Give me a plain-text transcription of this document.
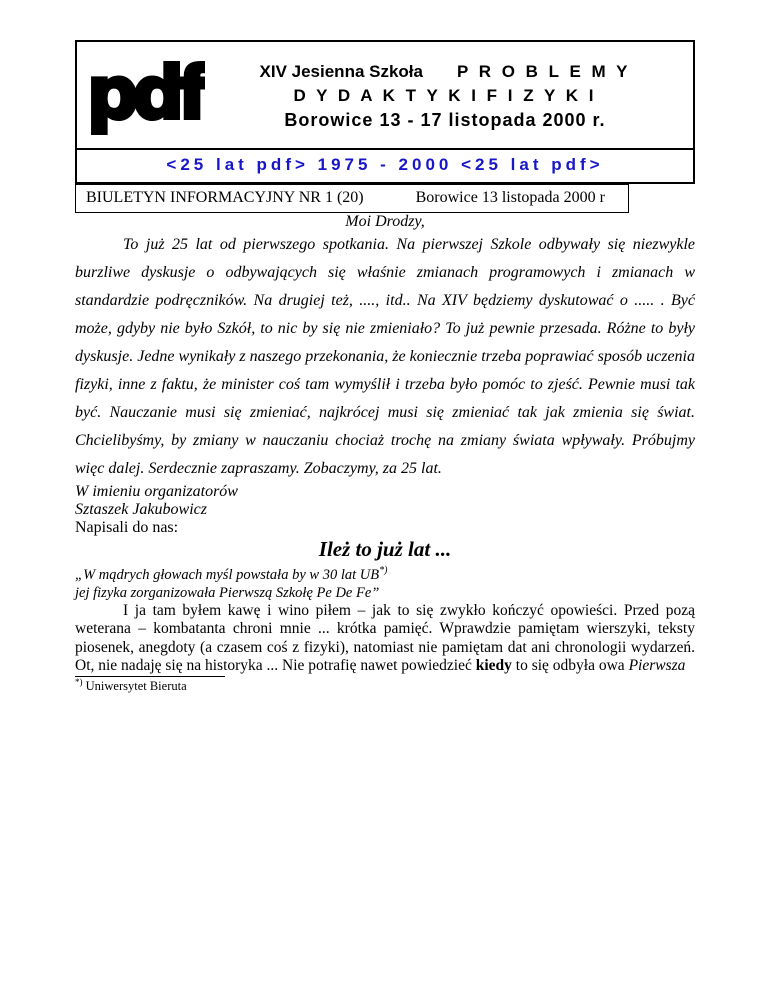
pdf	XIV Jesienna Szkoła P R O B L E M Y
D Y D A K T Y K I F I Z Y K I
Borowice 13 - 17 listopada 2000 r.
<25 lat pdf> 1975 - 2000 <25 lat pdf>
BIULETYN INFORMACYJNY NR 1 (20)	Borowice 13 listopada 2000 r

Moi Drodzy,

To już 25 lat od pierwszego spotkania. Na pierwszej Szkole odbywały się niezwykle burzliwe dyskusje o odbywających się właśnie zmianach programowych i zmianach w standardzie podręczników. Na drugiej też, ...., itd.. Na XIV będziemy dyskutować o ..... . Być może, gdyby nie było Szkół, to nic by się nie zmieniało? To już pewnie przesada. Różne to były dyskusje. Jedne wynikały z naszego przekonania, że koniecznie trzeba poprawiać sposób uczenia fizyki, inne z faktu, że minister coś tam wymyślił i trzeba było pomóc to zjeść. Pewnie musi tak być. Nauczanie musi się zmieniać, najkrócej musi się zmieniać tak jak zmienia się świat. Chcielibyśmy, by zmiany w nauczaniu chociaż trochę na zmiany świata wpływały. Próbujmy więc dalej. Serdecznie zapraszamy. Zobaczymy, za 25 lat.

W imieniu organizatorów

Sztaszek Jakubowicz

Napisali do nas:

Ileż to już lat ...
„W mądrych głowach myśl powstała by w 30 lat UB*)
jej fizyka zorganizowała Pierwszą Szkołę Pe De Fe”

I ja tam byłem kawę i wino piłem – jak to się zwykło kończyć opowieści. Przed pozą weterana – kombatanta chroni mnie ... krótka pamięć. Wprawdzie pamiętam wierszyki, teksty piosenek, anegdoty (a czasem coś z fizyki), natomiast nie pamiętam dat ani chronologii wydarzeń. Ot, nie nadaję się na historyka ... Nie potrafię nawet powiedzieć kiedy to się odbyła owa Pierwsza

*) Uniwersytet Bieruta
